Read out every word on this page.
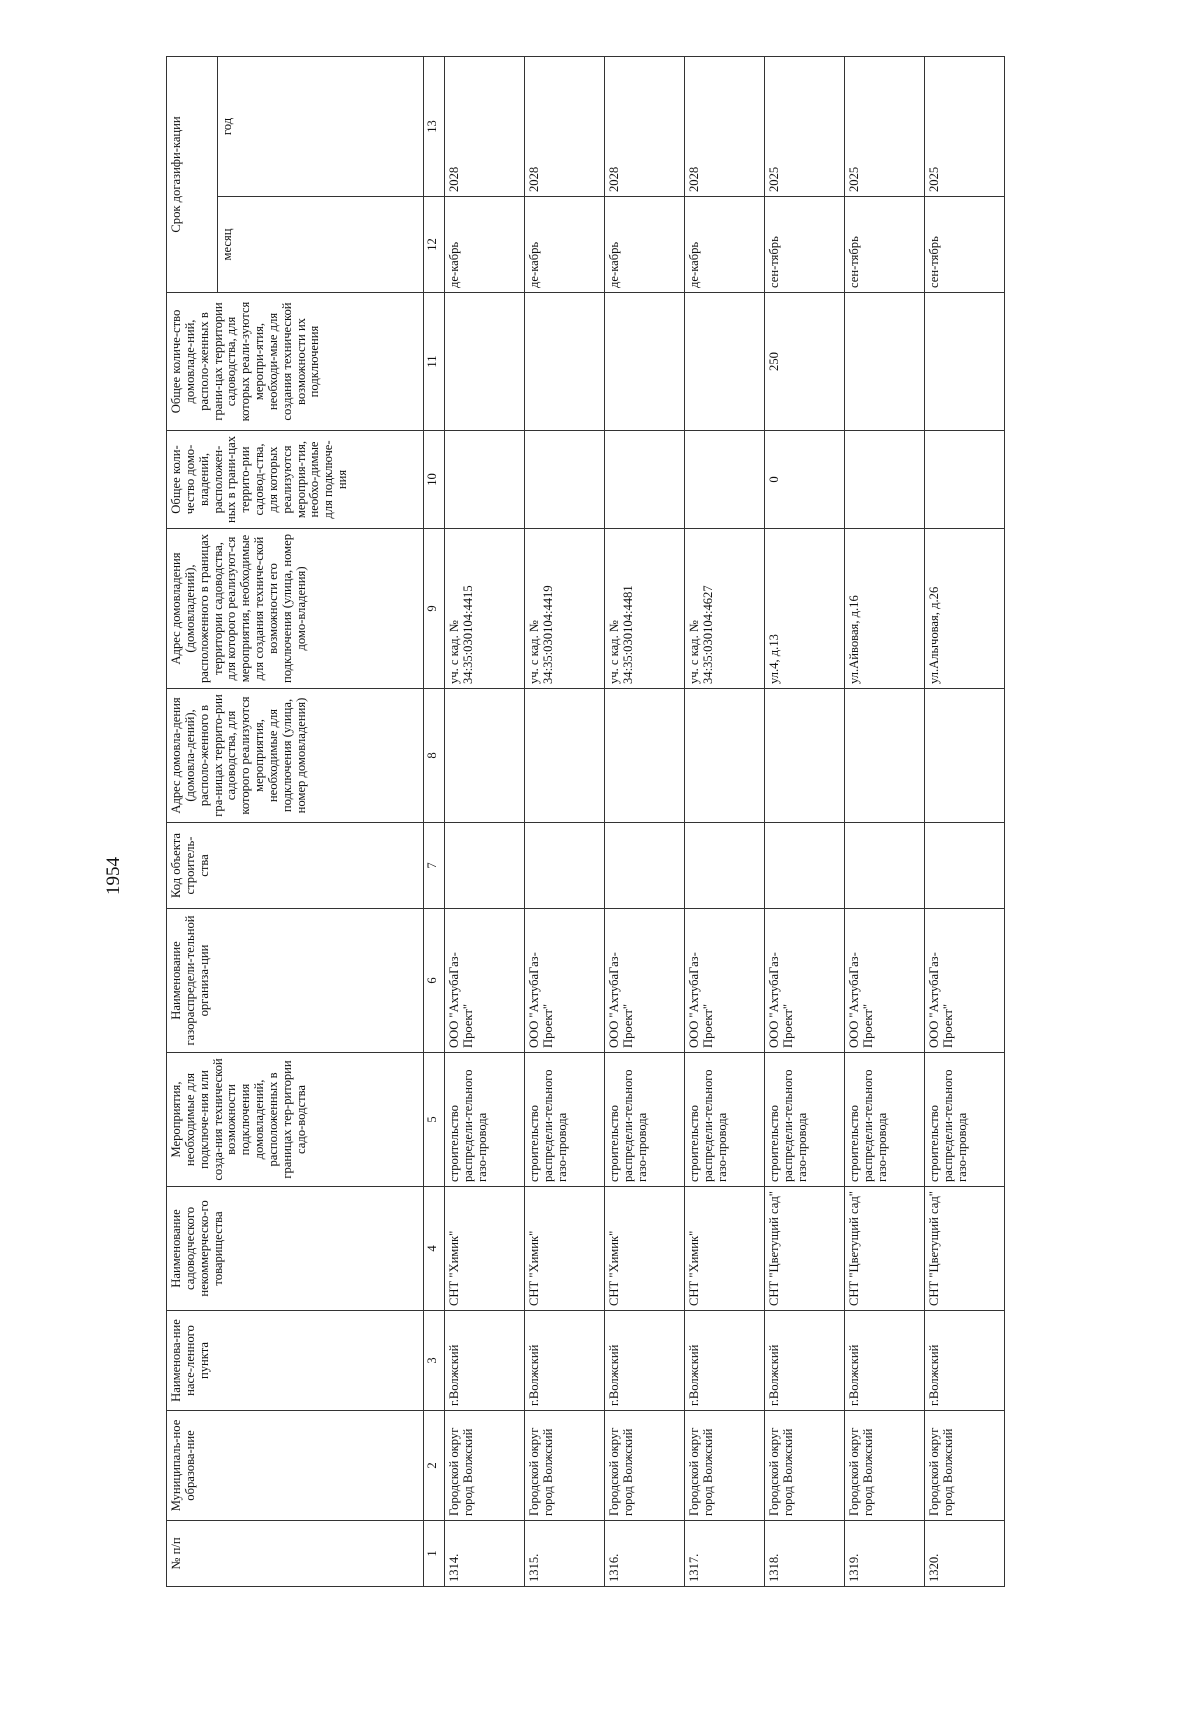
1954
№ п/п	Муниципаль-ное образова-ние	Наименова-ние насе-ленного пункта	Наименование садоводческого некоммерческо-го товарищества	Мероприятия, необходимые для подключе-ния или созда-ния технической возможности подключения домовладений, расположенных в границах тер-ритории садо-водства	Наименование газораспредели-тельной организа-ции	Код объекта строитель-ства	Адрес домовла-дения (домовла-дений), располо-женного в гра-ницах террито-рии садоводства, для которого реализуются мероприятия, необходимые для подключения (улица, номер домовладения)	Адрес домовладения (домовладений), расположенного в границах территории садоводства, для которого реализуют-ся мероприятия, необходимые для создания техниче-ской возможности его подключения (улица, номер домо-владения)	Общее коли-чество домо-владений, расположен-ных в грани-цах террито-рии садовод-ства, для которых реализуются мероприя-тия, необхо-димые для подключе-ния	Общее количе-ство домовладе-ний, располо-женных в грани-цах территории садоводства, для которых реали-зуются меропри-ятия, необходи-мые для создания технической возможности их подключения	Срок догазифи-кации	
											месяц	год
1	2	3	4	5	6	7	8	9	10	11	12	13
1314.	Городской округ город Волжский	г.Волжский	СНТ "Химик"	строительство распредели-тельного газо-провода	ООО "АхтубаГаз-Проект"			уч. с кад. № 34:35:030104:4415			де-кабрь	2028
1315.	Городской округ город Волжский	г.Волжский	СНТ "Химик"	строительство распредели-тельного газо-провода	ООО "АхтубаГаз-Проект"			уч. с кад. № 34:35:030104:4419			де-кабрь	2028
1316.	Городской округ город Волжский	г.Волжский	СНТ "Химик"	строительство распредели-тельного газо-провода	ООО "АхтубаГаз-Проект"			уч. с кад. № 34:35:030104:4481			де-кабрь	2028
1317.	Городской округ город Волжский	г.Волжский	СНТ "Химик"	строительство распредели-тельного газо-провода	ООО "АхтубаГаз-Проект"			уч. с кад. № 34:35:030104:4627			де-кабрь	2028
1318.	Городской округ город Волжский	г.Волжский	СНТ "Цветущий сад"	строительство распредели-тельного газо-провода	ООО "АхтубаГаз-Проект"			ул.4, д.13	0	250	сен-тябрь	2025
1319.	Городской округ город Волжский	г.Волжский	СНТ "Цветущий сад"	строительство распредели-тельного газо-провода	ООО "АхтубаГаз-Проект"			ул.Айвовая, д.16			сен-тябрь	2025
1320.	Городской округ город Волжский	г.Волжский	СНТ "Цветущий сад"	строительство распредели-тельного газо-провода	ООО "АхтубаГаз-Проект"			ул.Алычовая, д.26			сен-тябрь	2025
